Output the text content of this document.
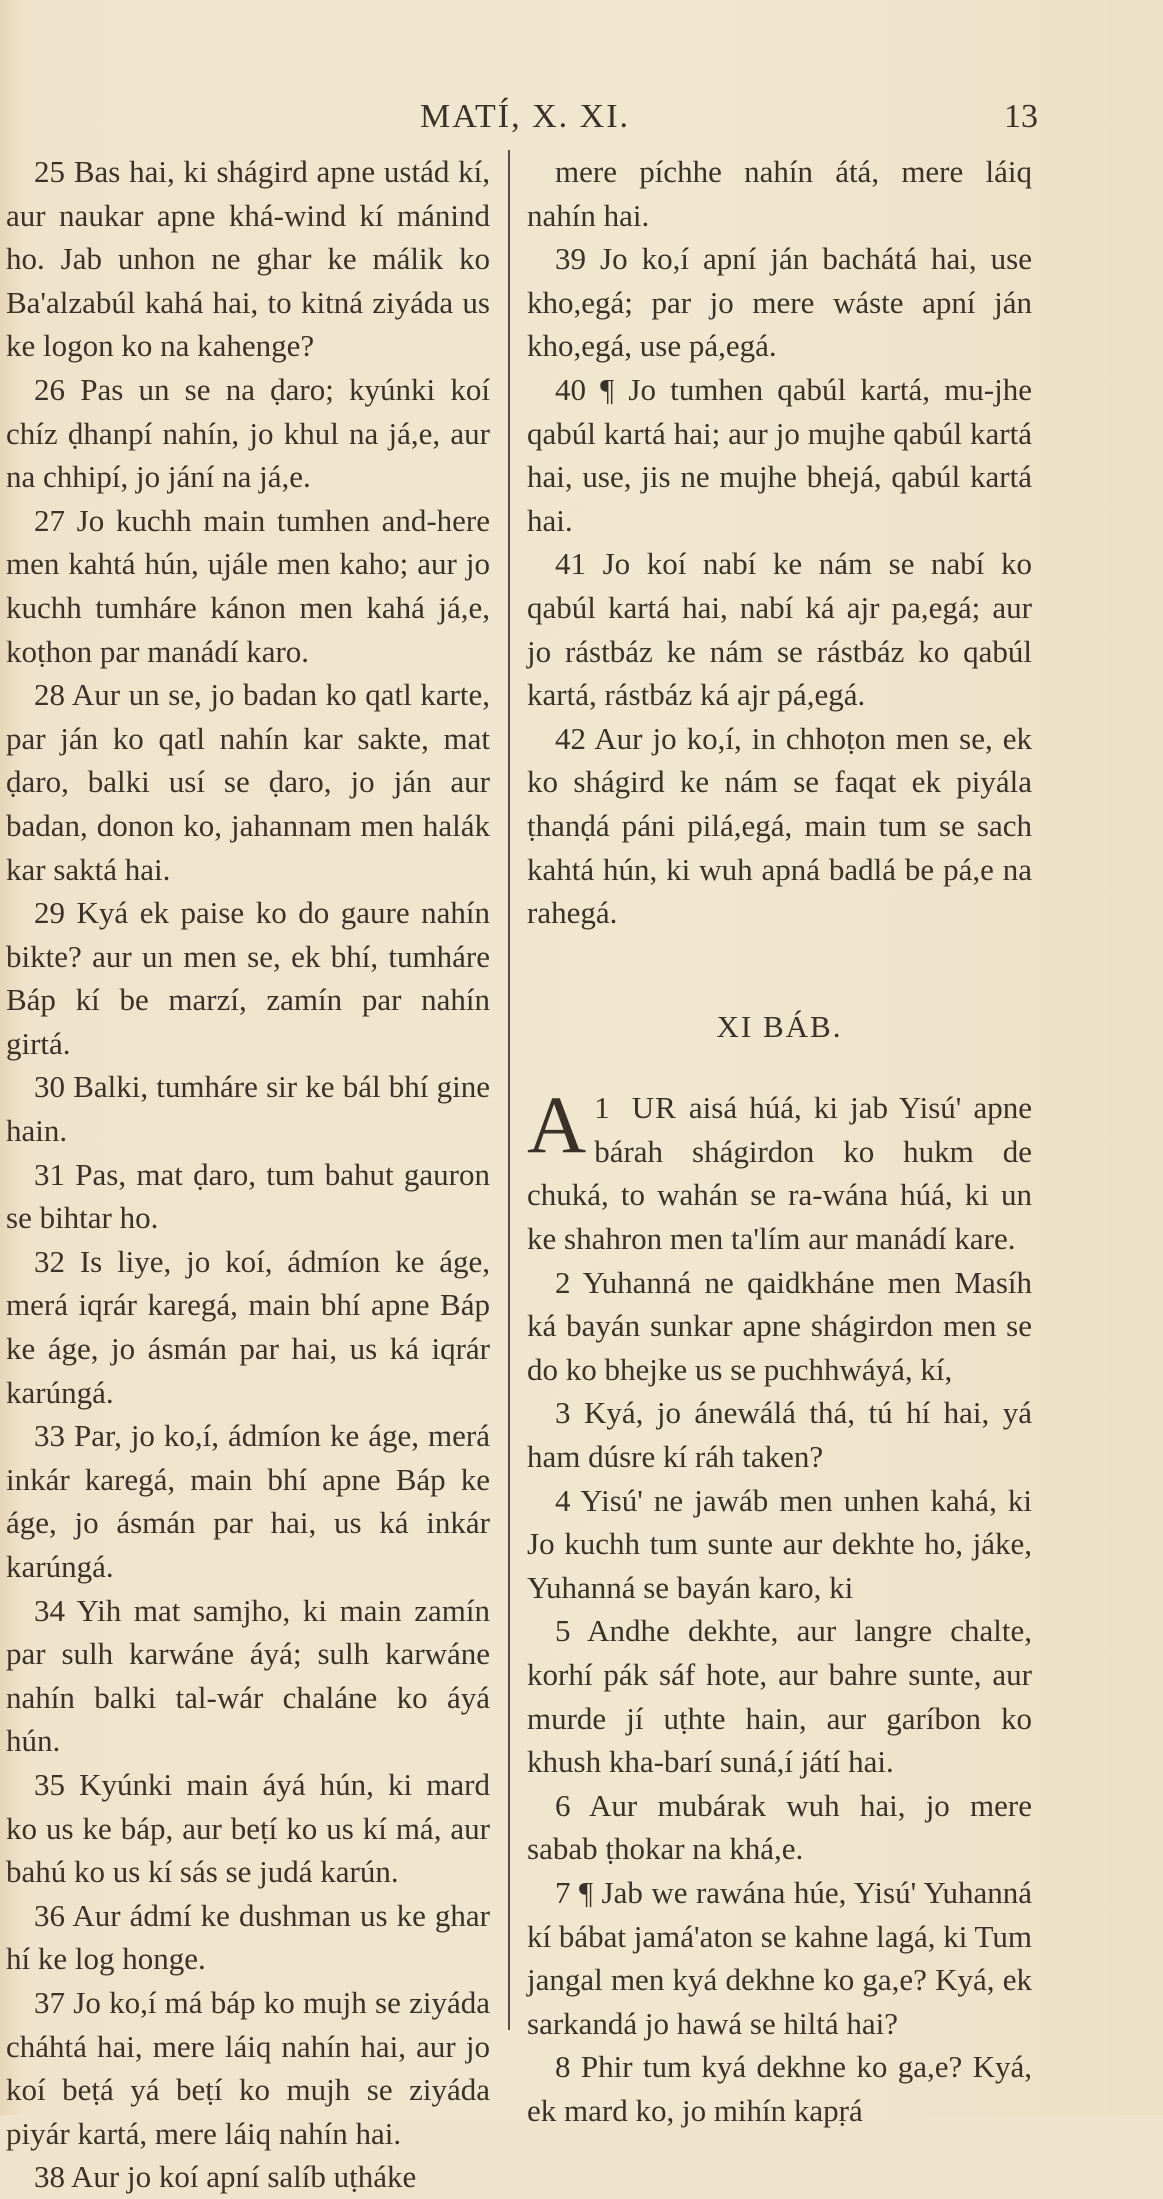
MATÍ, X. XI.	13

25 Bas hai, ki shágird apne ustád kí, aur naukar apne khá-wind kí mánind ho. Jab unhon ne ghar ke málik ko Ba'alzabúl kahá hai, to kitná ziyáda us ke logon ko na kahenge?

26 Pas un se na ḍaro; kyúnki koí chíz ḍhanpí nahín, jo khul na já,e, aur na chhipí, jo jání na já,e.

27 Jo kuchh main tumhen and-here men kahtá hún, ujále men kaho; aur jo kuchh tumháre kánon men kahá já,e, koṭhon par manádí karo.

28 Aur un se, jo badan ko qatl karte, par ján ko qatl nahín kar sakte, mat ḍaro, balki usí se ḍaro, jo ján aur badan, donon ko, jahannam men halák kar saktá hai.

29 Kyá ek paise ko do gaure nahín bikte? aur un men se, ek bhí, tumháre Báp kí be marzí, zamín par nahín girtá.

30 Balki, tumháre sir ke bál bhí gine hain.

31 Pas, mat ḍaro, tum bahut gauron se bihtar ho.

32 Is liye, jo koí, ádmíon ke áge, merá iqrár karegá, main bhí apne Báp ke áge, jo ásmán par hai, us ká iqrár karúngá.

33 Par, jo ko,í, ádmíon ke áge, merá inkár karegá, main bhí apne Báp ke áge, jo ásmán par hai, us ká inkár karúngá.

34 Yih mat samjho, ki main zamín par sulh karwáne áyá; sulh karwáne nahín balki tal-wár chaláne ko áyá hún.

35 Kyúnki main áyá hún, ki mard ko us ke báp, aur beṭí ko us kí má, aur bahú ko us kí sás se judá karún.

36 Aur ádmí ke dushman us ke ghar hí ke log honge.

37 Jo ko,í má báp ko mujh se ziyáda cháhtá hai, mere láiq nahín hai, aur jo koí beṭá yá beṭí ko mujh se ziyáda piyár kartá, mere láiq nahín hai.

38 Aur jo koí apní salíb uṭháke

mere píchhe nahín átá, mere láiq nahín hai.

39 Jo ko,í apní ján bachátá hai, use kho,egá; par jo mere wáste apní ján kho,egá, use pá,egá.

40 ¶ Jo tumhen qabúl kartá, mu-jhe qabúl kartá hai; aur jo mujhe qabúl kartá hai, use, jis ne mujhe bhejá, qabúl kartá hai.

41 Jo koí nabí ke nám se nabí ko qabúl kartá hai, nabí ká ajr pa,egá; aur jo rástbáz ke nám se rástbáz ko qabúl kartá, rástbáz ká ajr pá,egá.

42 Aur jo ko,í, in chhoṭon men se, ek ko shágird ke nám se faqat ek piyála ṭhanḍá páni pilá,egá, main tum se sach kahtá hún, ki wuh apná badlá be pá,e na rahegá.

XI BÁB.

1
A UR aisá húá, ki jab Yisú' apne bárah shágirdon ko hukm de chuká, to wahán se ra-wána húá, ki un ke shahron men ta'lím aur manádí kare.

2 Yuhanná ne qaidkháne men Masíh ká bayán sunkar apne shágirdon men se do ko bhejke us se puchhwáyá, kí,

3 Kyá, jo ánewálá thá, tú hí hai, yá ham dúsre kí ráh taken?

4 Yisú' ne jawáb men unhen kahá, ki Jo kuchh tum sunte aur dekhte ho, jáke, Yuhanná se bayán karo, ki

5 Andhe dekhte, aur langre chalte, korhí pák sáf hote, aur bahre sunte, aur murde jí uṭhte hain, aur garíbon ko khush kha-barí suná,í játí hai.

6 Aur mubárak wuh hai, jo mere sabab ṭhokar na khá,e.

7 ¶ Jab we rawána húe, Yisú' Yuhanná kí bábat jamá'aton se kahne lagá, ki Tum jangal men kyá dekhne ko ga,e? Kyá, ek sarkandá jo hawá se hiltá hai?

8 Phir tum kyá dekhne ko ga,e? Kyá, ek mard ko, jo mihín kapṛá
